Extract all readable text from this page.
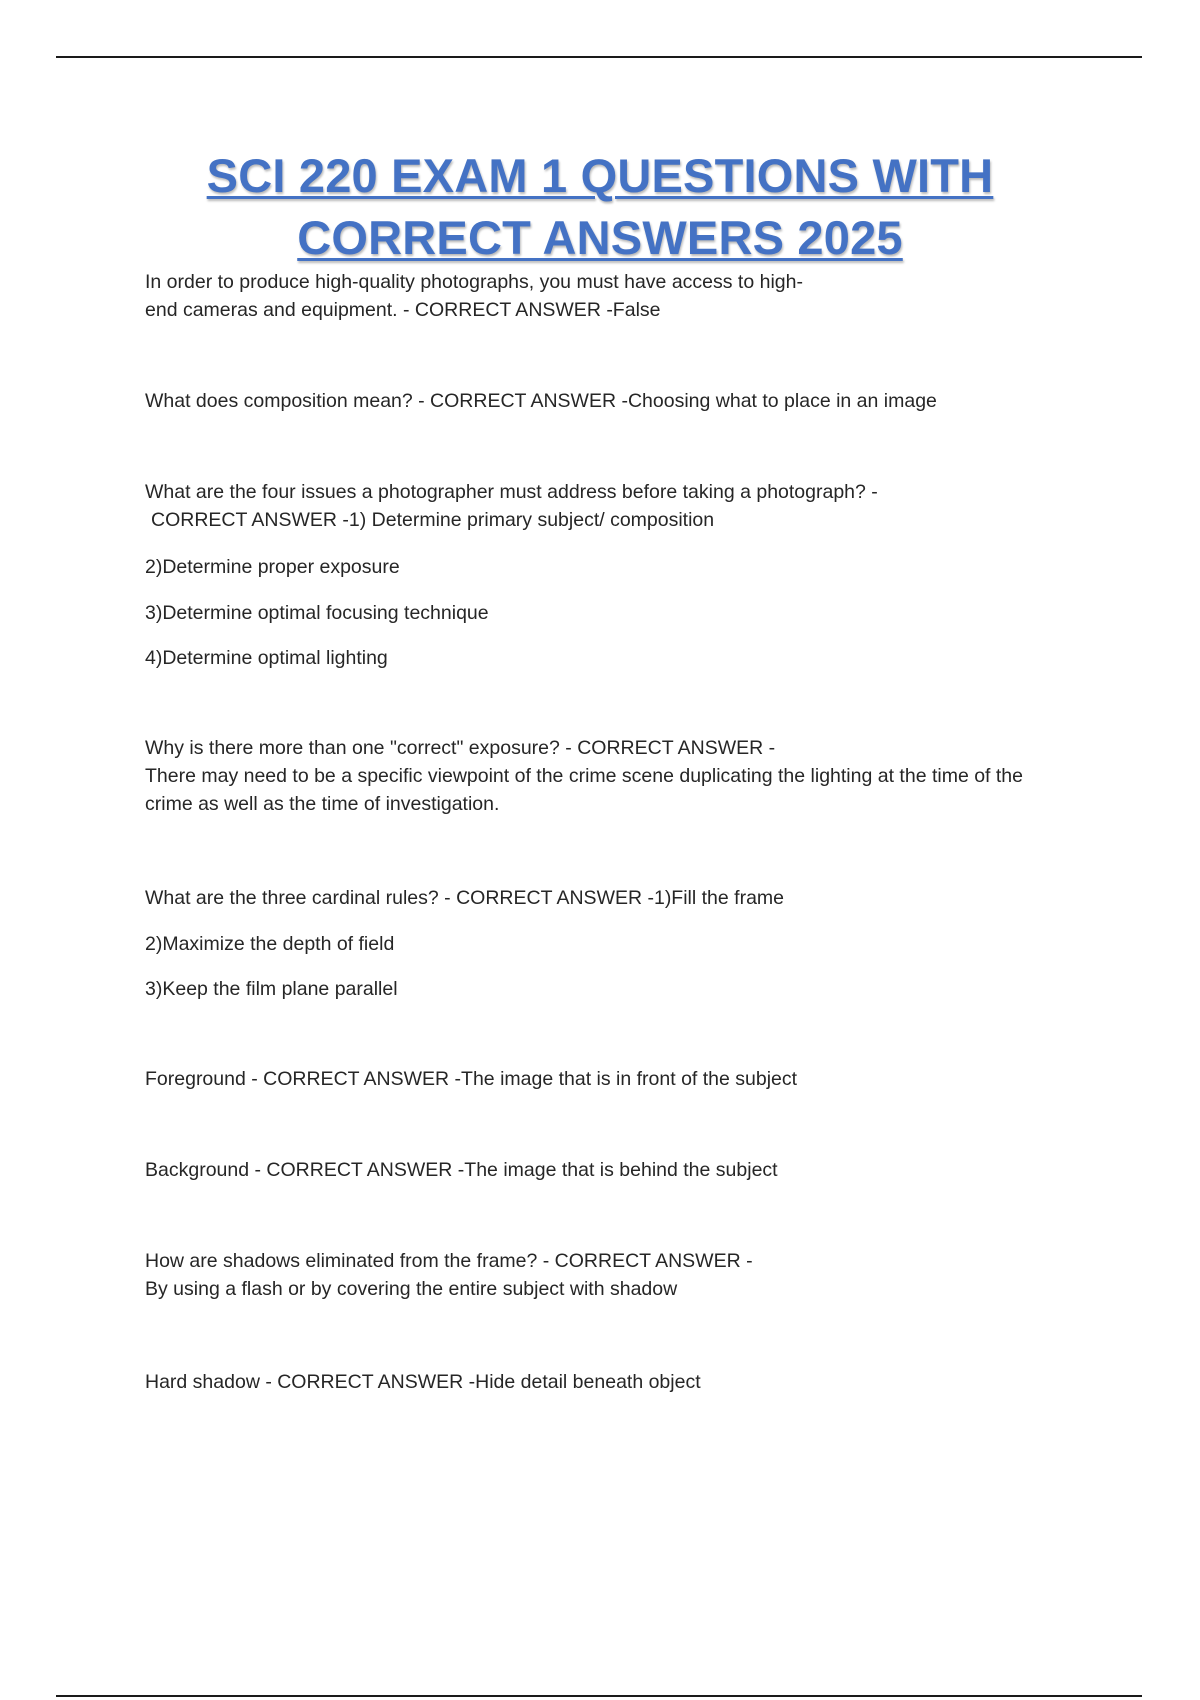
SCI 220 EXAM 1 QUESTIONS WITH
CORRECT ANSWERS 2025

In order to produce high-quality photographs, you must have access to high-

end cameras and equipment. - CORRECT ANSWER -False

What does composition mean? - CORRECT ANSWER -Choosing what to place in an image

What are the four issues a photographer must address before taking a photograph? -

CORRECT ANSWER -1) Determine primary subject/ composition

2)Determine proper exposure

3)Determine optimal focusing technique

4)Determine optimal lighting

Why is there more than one "correct" exposure? - CORRECT ANSWER -

There may need to be a specific viewpoint of the crime scene duplicating the lighting at the time of the

crime as well as the time of investigation.

What are the three cardinal rules? - CORRECT ANSWER -1)Fill the frame

2)Maximize the depth of field

3)Keep the film plane parallel

Foreground - CORRECT ANSWER -The image that is in front of the subject

Background - CORRECT ANSWER -The image that is behind the subject

How are shadows eliminated from the frame? - CORRECT ANSWER -

By using a flash or by covering the entire subject with shadow

Hard shadow - CORRECT ANSWER -Hide detail beneath object
